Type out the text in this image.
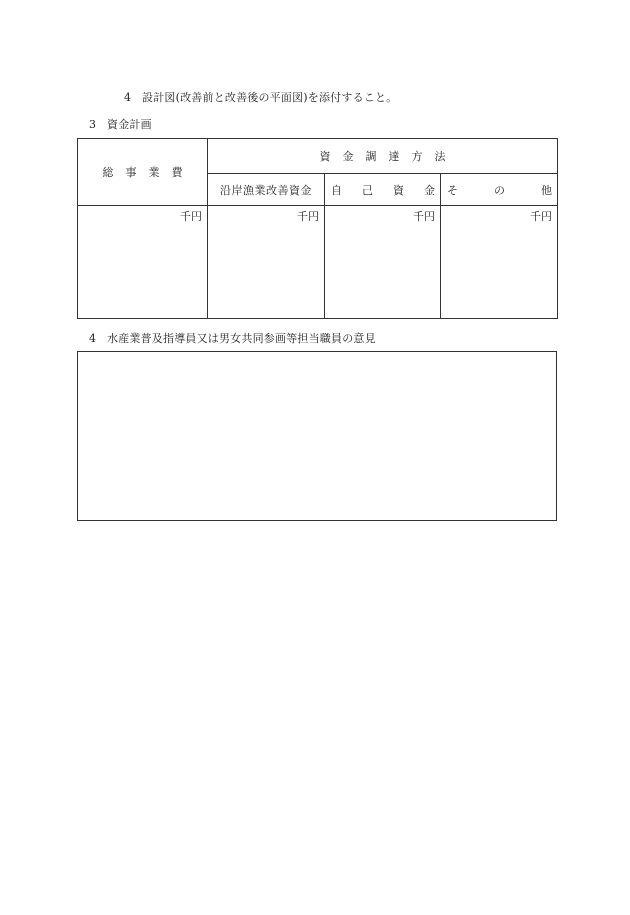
4 設計図(改善前と改善後の平面図)を添付すること。
3 資金計画
総事業費	資金調達方法		
	沿岸漁業改善資金	自 己 資 金	そ の 他

千円	千円	千円	千円
4 水産業普及指導員又は男女共同参画等担当職員の意見
